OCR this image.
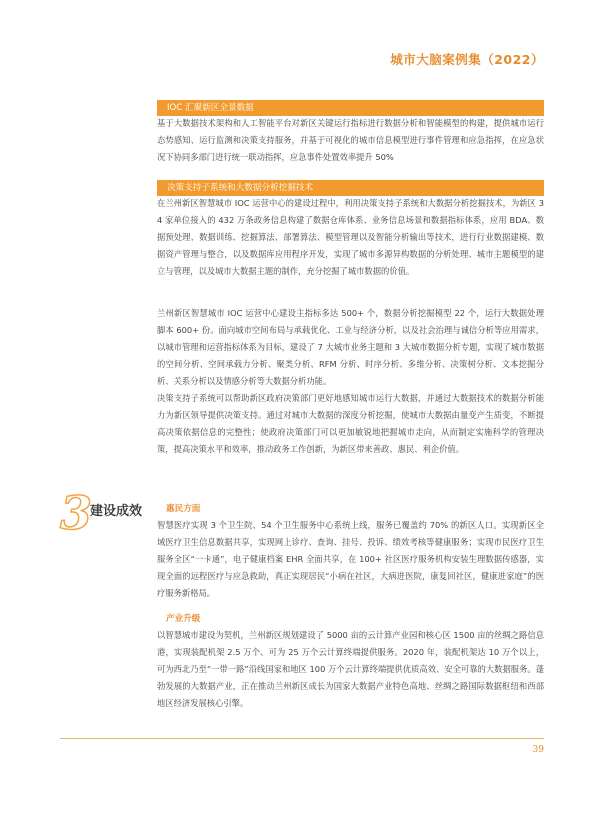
城市大脑案例集（2022）
IOC 汇聚新区全景数据

基于大数据技术架构和人工智能平台对新区关键运行指标进行数据分析和智能模型的构建，提供城市运行态势感知、运行监测和决策支持服务，并基于可视化的城市信息模型进行事件管理和应急指挥，在应急状况下协同多部门进行统一联动指挥，应急事件处置效率提升 50%

决策支持子系统和大数据分析挖掘技术

在兰州新区智慧城市 IOC 运营中心的建设过程中，利用决策支持子系统和大数据分析挖掘技术，为新区 34 家单位接入的 432 万条政务信息构建了数据仓库体系、业务信息场景和数据指标体系，应用 BDA、数据预处理、数据训练、挖掘算法、部署算法、模型管理以及智能分析输出等技术，进行行业数据建模、数据资产管理与整合，以及数据库应用程序开发，实现了城市多源异构数据的分析处理、城市主题模型的建立与管理，以及城市大数据主题的制作，充分挖掘了城市数据的价值。

兰州新区智慧城市 IOC 运营中心建设主指标多达 500+ 个，数据分析挖掘模型 22 个，运行大数据处理脚本 600+ 份。面向城市空间布局与承载优化、工业与经济分析，以及社会治理与诚信分析等应用需求，以城市管理和运营指标体系为目标，建设了 7 大城市业务主题和 3 大城市数据分析专题，实现了城市数据的空间分析、空间承载力分析、聚类分析、RFM 分析、时序分析、多维分析、决策树分析、文本挖掘分析、关系分析以及情感分析等大数据分析功能。

决策支持子系统可以帮助新区政府决策部门更好地感知城市运行大数据，并通过大数据技术的数据分析能力为新区领导提供决策支持。通过对城市大数据的深度分析挖掘，使城市大数据由量变产生质变，不断提高决策依据信息的完整性；使政府决策部门可以更加敏锐地把握城市走向，从而制定实施科学的管理决策，提高决策水平和效率，推动政务工作创新，为新区带来善政、惠民、利企价值。

3
建设成效	惠民方面

智慧医疗实现 3 个卫生院、54 个卫生服务中心系统上线，服务已覆盖约 70% 的新区人口。实现新区全域医疗卫生信息数据共享，实现网上诊疗、查询、挂号、投诉、绩效考核等健康服务；实现市民医疗卫生服务全区“一卡通”，电子健康档案 EHR 全面共享，在 100+ 社区医疗服务机构安装生理数据传感器，实现全面的远程医疗与应急救助，真正实现居民“小病在社区，大病进医院，康复回社区，健康进家庭”的医疗服务新格局。

产业升级

以智慧城市建设为契机，兰州新区规划建设了 5000 亩的云计算产业园和核心区 1500 亩的丝绸之路信息港，实现装配机架 2.5 万个、可为 25 万个云计算终端提供服务。2020 年，装配机架达 10 万个以上，可为西北乃至“一带一路”沿线国家和地区 100 万个云计算终端提供优质高效、安全可靠的大数据服务。蓬勃发展的大数据产业，正在推动兰州新区成长为国家大数据产业特色高地、丝绸之路国际数据枢纽和西部地区经济发展核心引擎。

39
